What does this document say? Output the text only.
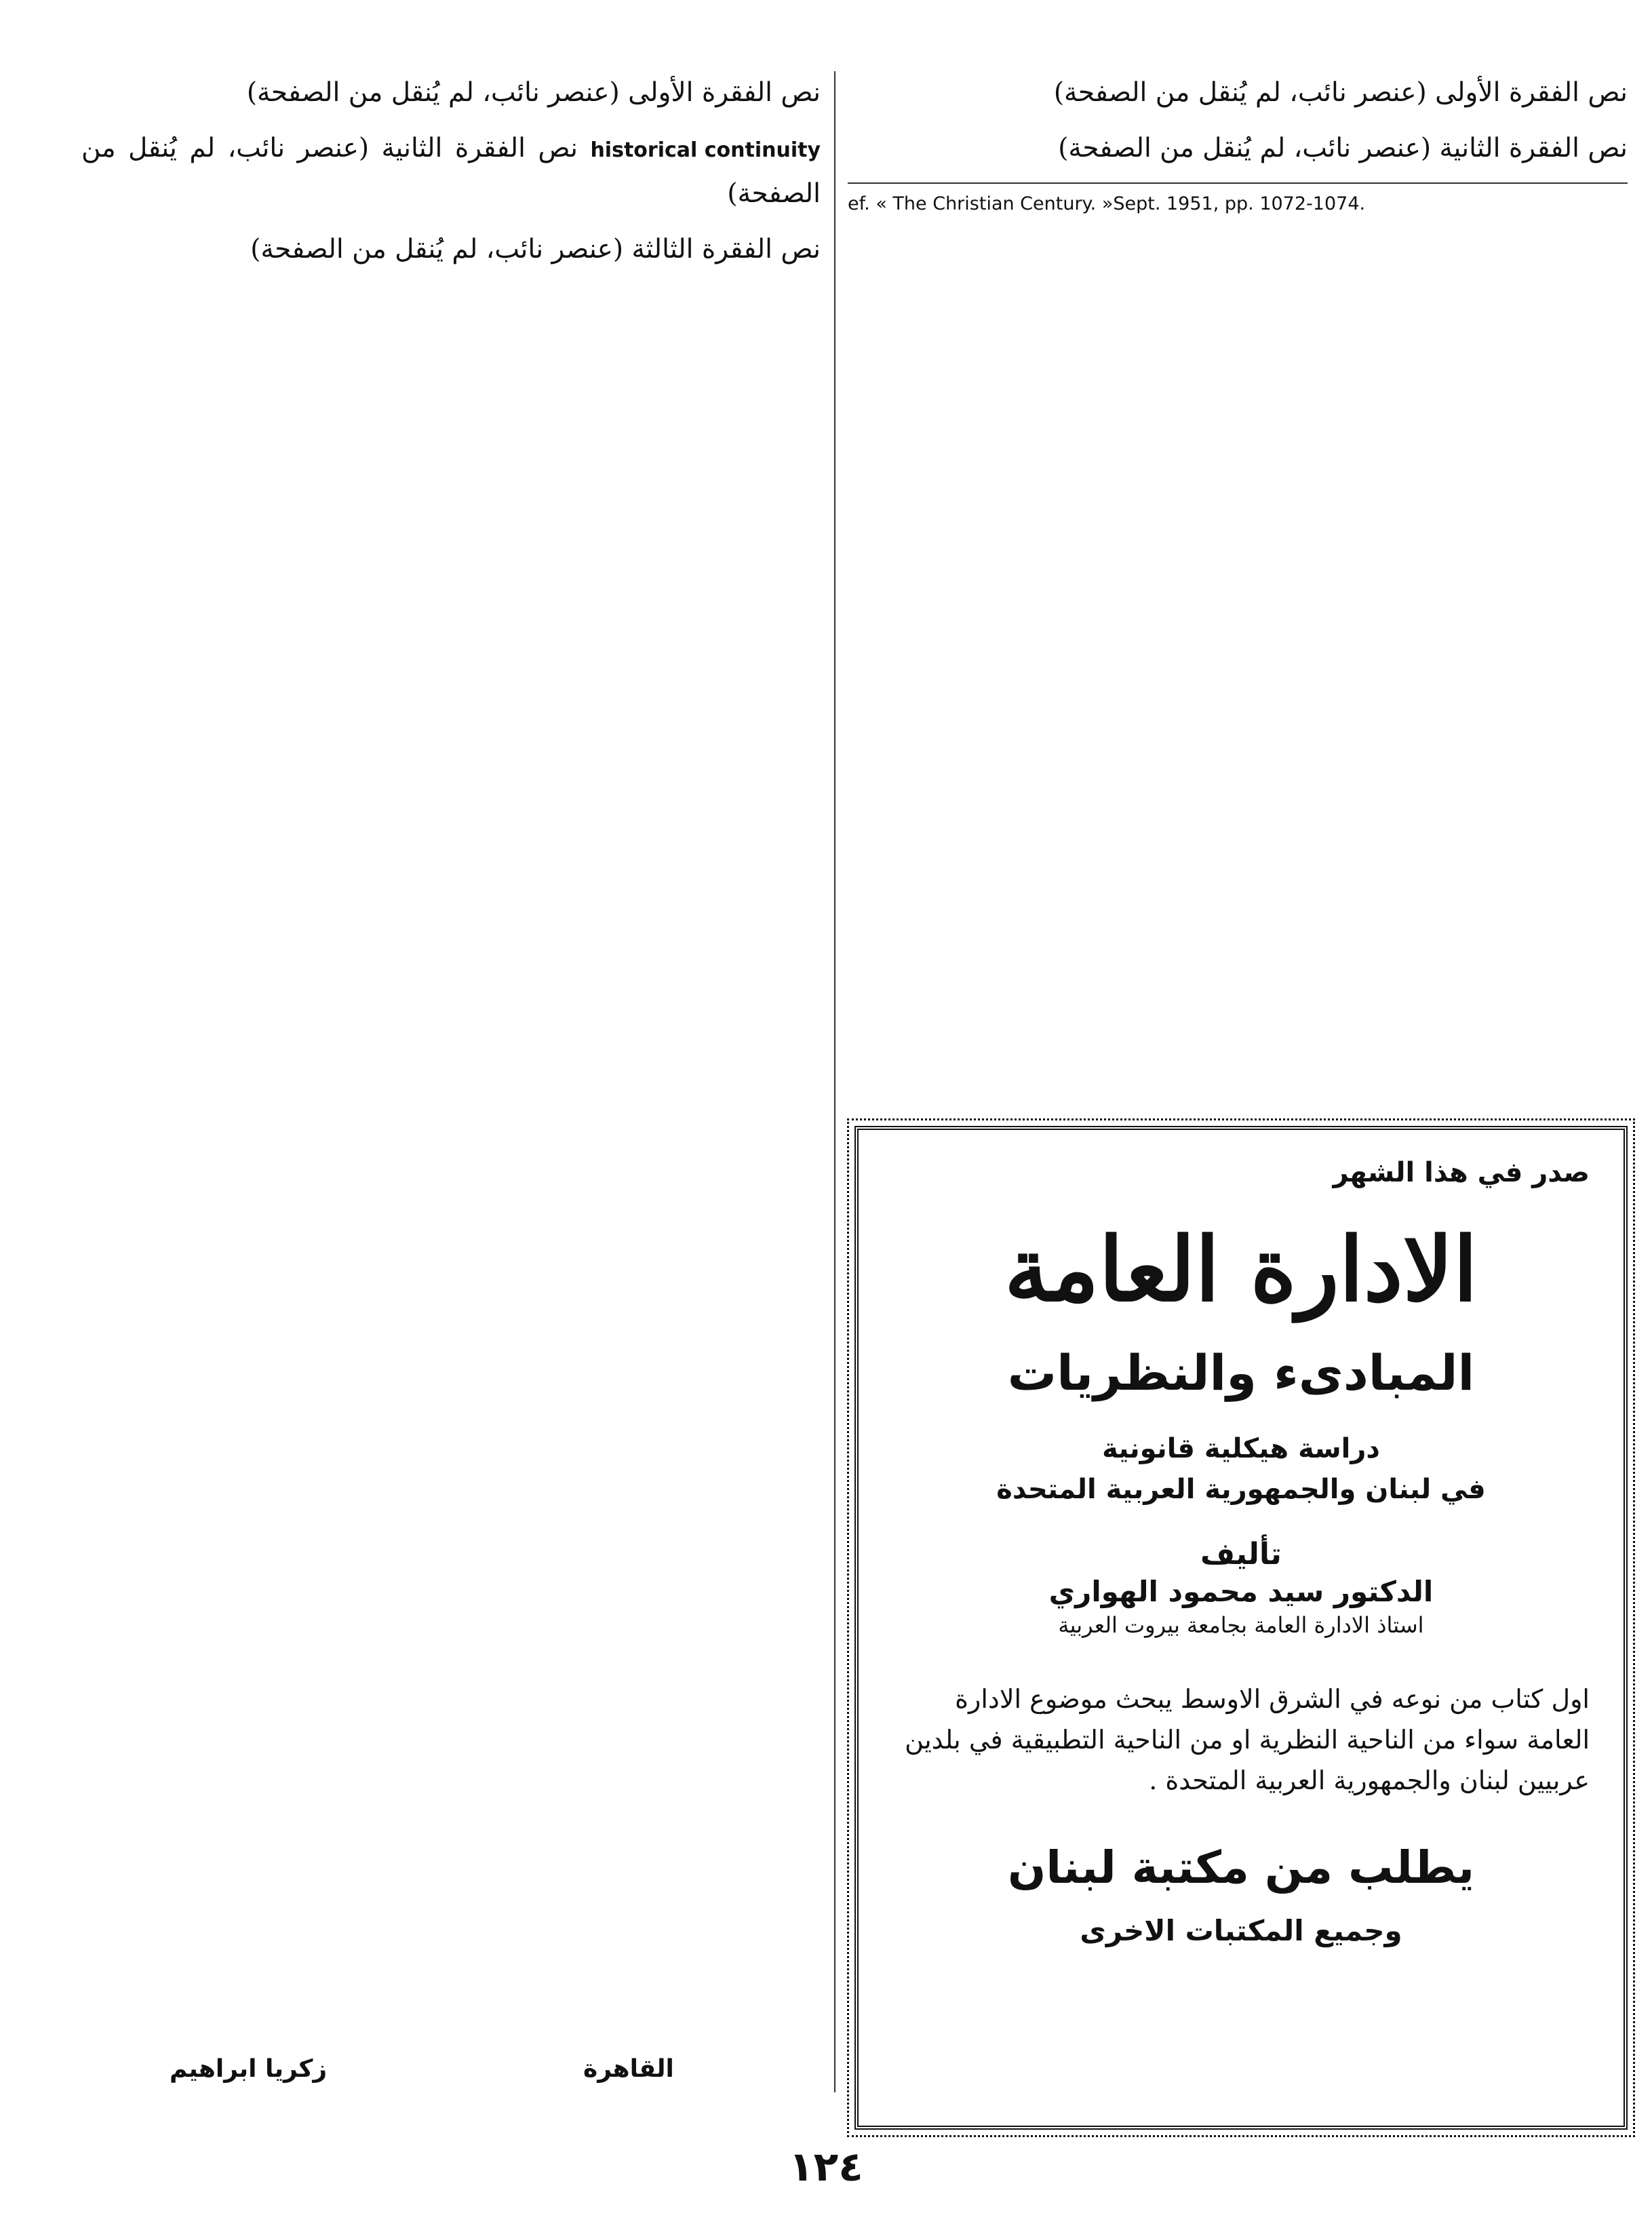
نص الفقرة الأولى (عنصر نائب، لم يُنقل من الصفحة)

نص الفقرة الثانية (عنصر نائب، لم يُنقل من الصفحة)

ef. « The Christian Century. »Sept. 1951, pp. 1072-1074.

نص الفقرة الأولى (عنصر نائب، لم يُنقل من الصفحة)

historical continuity نص الفقرة الثانية (عنصر نائب، لم يُنقل من الصفحة)

نص الفقرة الثالثة (عنصر نائب، لم يُنقل من الصفحة)

صدر في هذا الشهر
الادارة العامة
المبادىء والنظريات
دراسة هيكلية قانونية
في لبنان والجمهورية العربية المتحدة
تأليف
الدكتور سيد محمود الهواري
استاذ الادارة العامة بجامعة بيروت العربية

اول كتاب من نوعه في الشرق الاوسط يبحث موضوع الادارة العامة سواء من الناحية النظرية او من الناحية التطبيقية في بلدين عربيين لبنان والجمهورية العربية المتحدة .

يطلب من مكتبة لبنان
وجميع المكتبات الاخرى
زكريا ابراهيم	القاهرة
١٢٤
